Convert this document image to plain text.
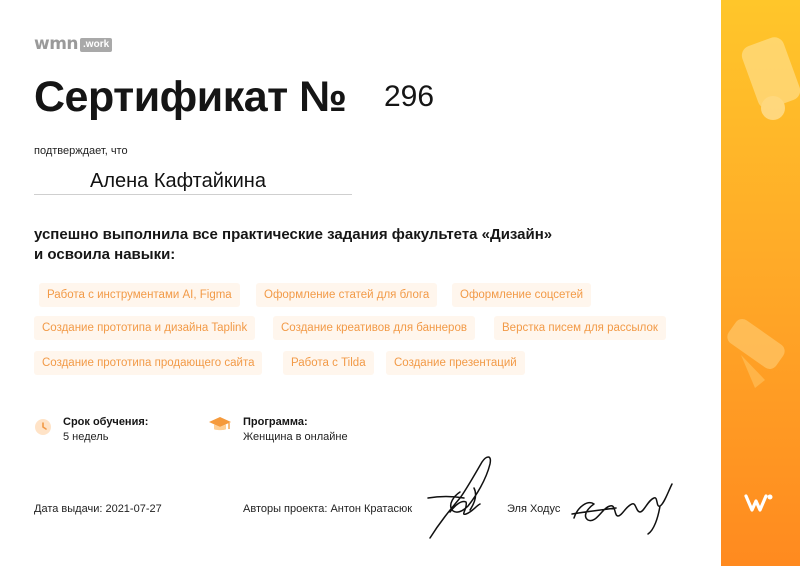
wmn .work
Сертификат № 296
подтверждает, что
Алена Кафтайкина
успешно выполнила все практические задания факультета «Дизайн»
и освоила навыки:
Работа с инструментами AI, Figma	Оформление статей для блога	Оформление соцсетей
Создание прототипа и дизайна Taplink	Создание креативов для баннеров	Верстка писем для рассылок
Создание прототипа продающего сайта	Работа с Tilda	Создание презентаций
Срок обучения:
5 недель
Программа:
Женщина в онлайне
Дата выдачи: 2021-07-27	Авторы проекта: Антон Кратасюк	Эля Ходус
